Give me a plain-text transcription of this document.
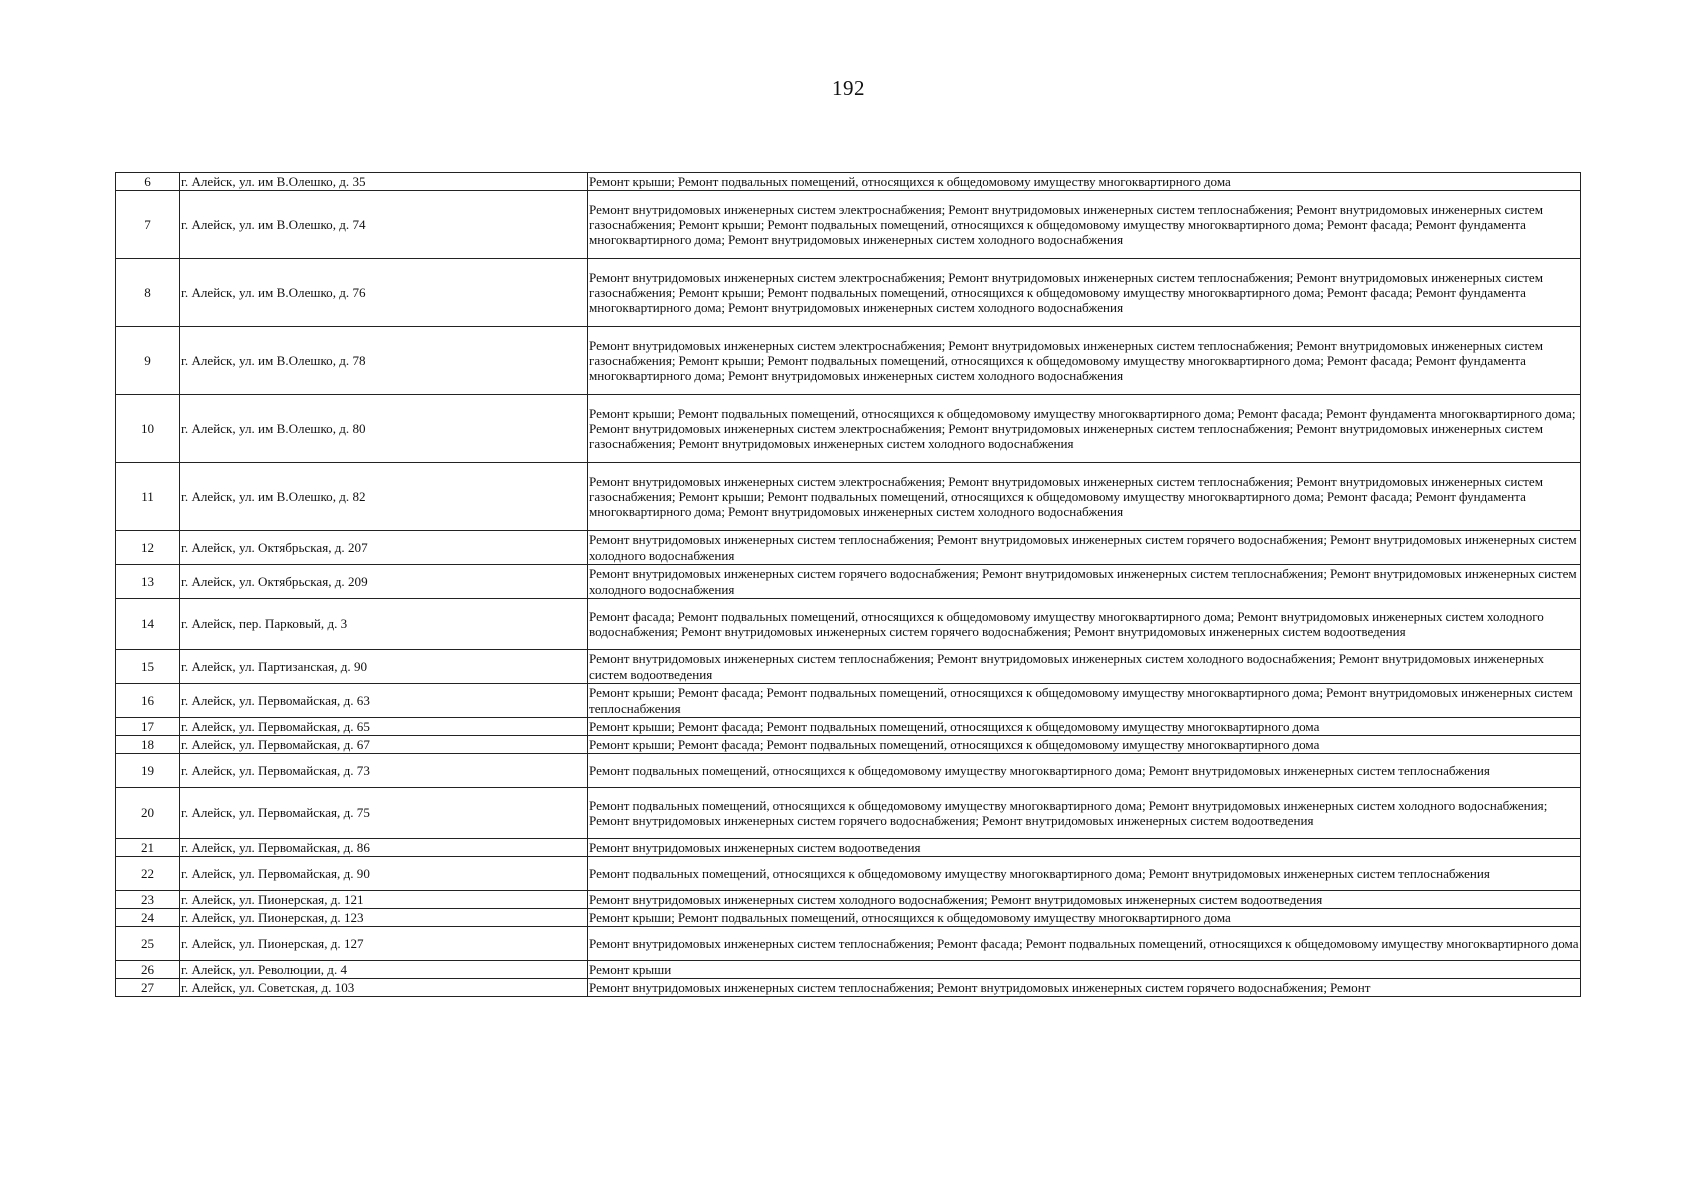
192
6	г. Алейск, ул. им В.Олешко, д. 35	Ремонт крыши; Ремонт подвальных помещений, относящихся к общедомовому имуществу многоквартирного дома
7	г. Алейск, ул. им В.Олешко, д. 74	Ремонт внутридомовых инженерных систем электроснабжения; Ремонт внутридомовых инженерных систем теплоснабжения; Ремонт внутридомовых инженерных систем газоснабжения; Ремонт крыши; Ремонт подвальных помещений, относящихся к общедомовому имуществу многоквартирного дома; Ремонт фасада; Ремонт фундамента многоквартирного дома; Ремонт внутридомовых инженерных систем холодного водоснабжения
8	г. Алейск, ул. им В.Олешко, д. 76	Ремонт внутридомовых инженерных систем электроснабжения; Ремонт внутридомовых инженерных систем теплоснабжения; Ремонт внутридомовых инженерных систем газоснабжения; Ремонт крыши; Ремонт подвальных помещений, относящихся к общедомовому имуществу многоквартирного дома; Ремонт фасада; Ремонт фундамента многоквартирного дома; Ремонт внутридомовых инженерных систем холодного водоснабжения
9	г. Алейск, ул. им В.Олешко, д. 78	Ремонт внутридомовых инженерных систем электроснабжения; Ремонт внутридомовых инженерных систем теплоснабжения; Ремонт внутридомовых инженерных систем газоснабжения; Ремонт крыши; Ремонт подвальных помещений, относящихся к общедомовому имуществу многоквартирного дома; Ремонт фасада; Ремонт фундамента многоквартирного дома; Ремонт внутридомовых инженерных систем холодного водоснабжения
10	г. Алейск, ул. им В.Олешко, д. 80	Ремонт крыши; Ремонт подвальных помещений, относящихся к общедомовому имуществу многоквартирного дома; Ремонт фасада; Ремонт фундамента многоквартирного дома; Ремонт внутридомовых инженерных систем электроснабжения; Ремонт внутридомовых инженерных систем теплоснабжения; Ремонт внутридомовых инженерных систем газоснабжения; Ремонт внутридомовых инженерных систем холодного водоснабжения
11	г. Алейск, ул. им В.Олешко, д. 82	Ремонт внутридомовых инженерных систем электроснабжения; Ремонт внутридомовых инженерных систем теплоснабжения; Ремонт внутридомовых инженерных систем газоснабжения; Ремонт крыши; Ремонт подвальных помещений, относящихся к общедомовому имуществу многоквартирного дома; Ремонт фасада; Ремонт фундамента многоквартирного дома; Ремонт внутридомовых инженерных систем холодного водоснабжения
12	г. Алейск, ул. Октябрьская, д. 207	Ремонт внутридомовых инженерных систем теплоснабжения; Ремонт внутридомовых инженерных систем горячего водоснабжения; Ремонт внутридомовых инженерных систем холодного водоснабжения
13	г. Алейск, ул. Октябрьская, д. 209	Ремонт внутридомовых инженерных систем горячего водоснабжения; Ремонт внутридомовых инженерных систем теплоснабжения; Ремонт внутридомовых инженерных систем холодного водоснабжения
14	г. Алейск, пер. Парковый, д. 3	Ремонт фасада; Ремонт подвальных помещений, относящихся к общедомовому имуществу многоквартирного дома; Ремонт внутридомовых инженерных систем холодного водоснабжения; Ремонт внутридомовых инженерных систем горячего водоснабжения; Ремонт внутридомовых инженерных систем водоотведения
15	г. Алейск, ул. Партизанская, д. 90	Ремонт внутридомовых инженерных систем теплоснабжения; Ремонт внутридомовых инженерных систем холодного водоснабжения; Ремонт внутридомовых инженерных систем водоотведения
16	г. Алейск, ул. Первомайская, д. 63	Ремонт крыши; Ремонт фасада; Ремонт подвальных помещений, относящихся к общедомовому имуществу многоквартирного дома; Ремонт внутридомовых инженерных систем теплоснабжения
17	г. Алейск, ул. Первомайская, д. 65	Ремонт крыши; Ремонт фасада; Ремонт подвальных помещений, относящихся к общедомовому имуществу многоквартирного дома
18	г. Алейск, ул. Первомайская, д. 67	Ремонт крыши; Ремонт фасада; Ремонт подвальных помещений, относящихся к общедомовому имуществу многоквартирного дома
19	г. Алейск, ул. Первомайская, д. 73	Ремонт подвальных помещений, относящихся к общедомовому имуществу многоквартирного дома; Ремонт внутридомовых инженерных систем теплоснабжения
20	г. Алейск, ул. Первомайская, д. 75	Ремонт подвальных помещений, относящихся к общедомовому имуществу многоквартирного дома; Ремонт внутридомовых инженерных систем холодного водоснабжения; Ремонт внутридомовых инженерных систем горячего водоснабжения; Ремонт внутридомовых инженерных систем водоотведения
21	г. Алейск, ул. Первомайская, д. 86	Ремонт внутридомовых инженерных систем водоотведения
22	г. Алейск, ул. Первомайская, д. 90	Ремонт подвальных помещений, относящихся к общедомовому имуществу многоквартирного дома; Ремонт внутридомовых инженерных систем теплоснабжения
23	г. Алейск, ул. Пионерская, д. 121	Ремонт внутридомовых инженерных систем холодного водоснабжения; Ремонт внутридомовых инженерных систем водоотведения
24	г. Алейск, ул. Пионерская, д. 123	Ремонт крыши; Ремонт подвальных помещений, относящихся к общедомовому имуществу многоквартирного дома
25	г. Алейск, ул. Пионерская, д. 127	Ремонт внутридомовых инженерных систем теплоснабжения; Ремонт фасада; Ремонт подвальных помещений, относящихся к общедомовому имуществу многоквартирного дома
26	г. Алейск, ул. Революции, д. 4	Ремонт крыши
27	г. Алейск, ул. Советская, д. 103	Ремонт внутридомовых инженерных систем теплоснабжения; Ремонт внутридомовых инженерных систем горячего водоснабжения; Ремонт
